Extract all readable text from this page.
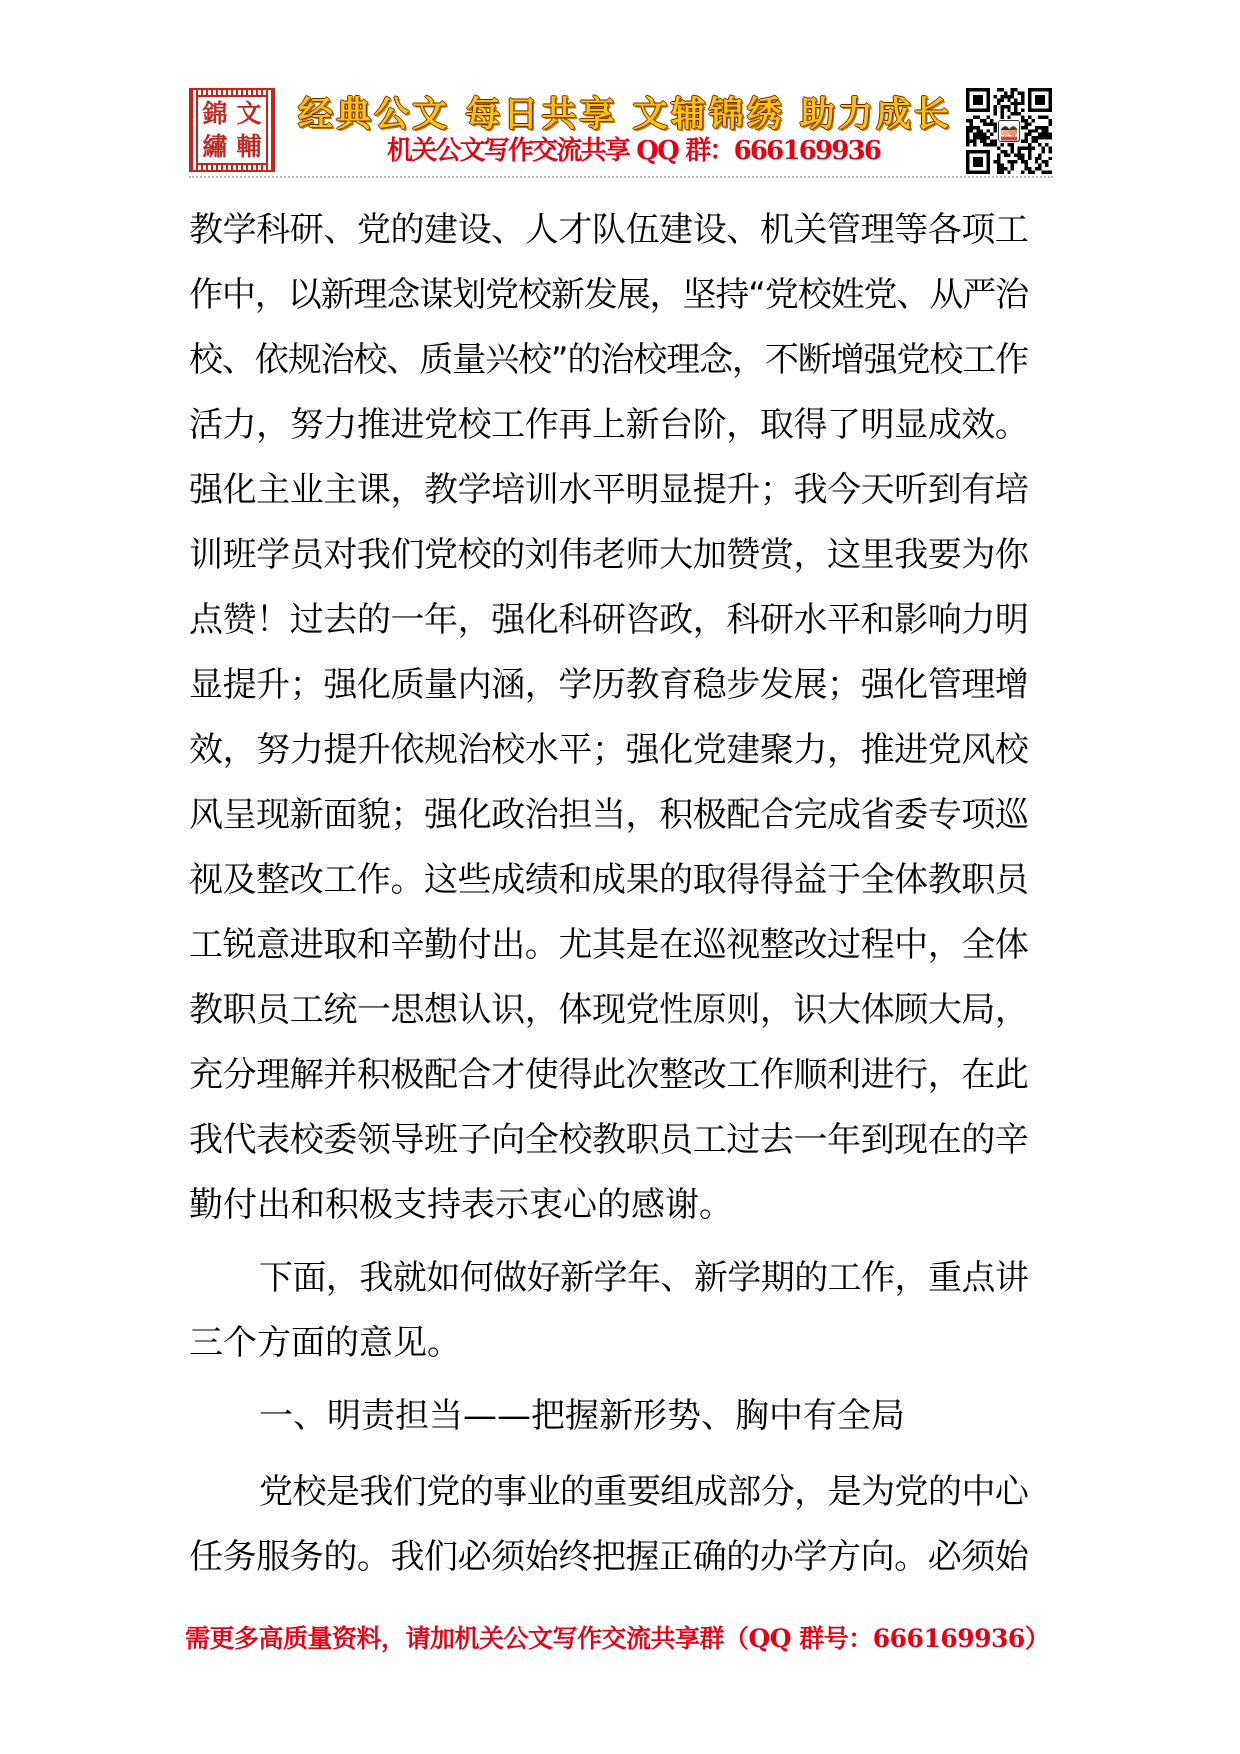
錦 文
繡 輔
经典公文 每日共享 文辅锦绣 助力成长
机关公文写作交流共享 QQ 群：666169936
教学科研、党的建设、人才队伍建设、机关管理等各项工
作中，以新理念谋划党校新发展，坚持“党校姓党、从严治
校、依规治校、质量兴校”的治校理念，不断增强党校工作
活力，努力推进党校工作再上新台阶，取得了明显成效。
强化主业主课，教学培训水平明显提升；我今天听到有培
训班学员对我们党校的刘伟老师大加赞赏，这里我要为你
点赞！过去的一年，强化科研咨政，科研水平和影响力明
显提升；强化质量内涵，学历教育稳步发展；强化管理增
效，努力提升依规治校水平；强化党建聚力，推进党风校
风呈现新面貌；强化政治担当，积极配合完成省委专项巡
视及整改工作。这些成绩和成果的取得得益于全体教职员
工锐意进取和辛勤付出。尤其是在巡视整改过程中，全体
教职员工统一思想认识，体现党性原则，识大体顾大局，
充分理解并积极配合才使得此次整改工作顺利进行，在此
我代表校委领导班子向全校教职员工过去一年到现在的辛
勤付出和积极支持表示衷心的感谢。
下面，我就如何做好新学年、新学期的工作，重点讲
三个方面的意见。
一、明责担当——把握新形势、胸中有全局
党校是我们党的事业的重要组成部分，是为党的中心
任务服务的。我们必须始终把握正确的办学方向。必须始
需更多高质量资料，请加机关公文写作交流共享群（QQ 群号：666169936）
